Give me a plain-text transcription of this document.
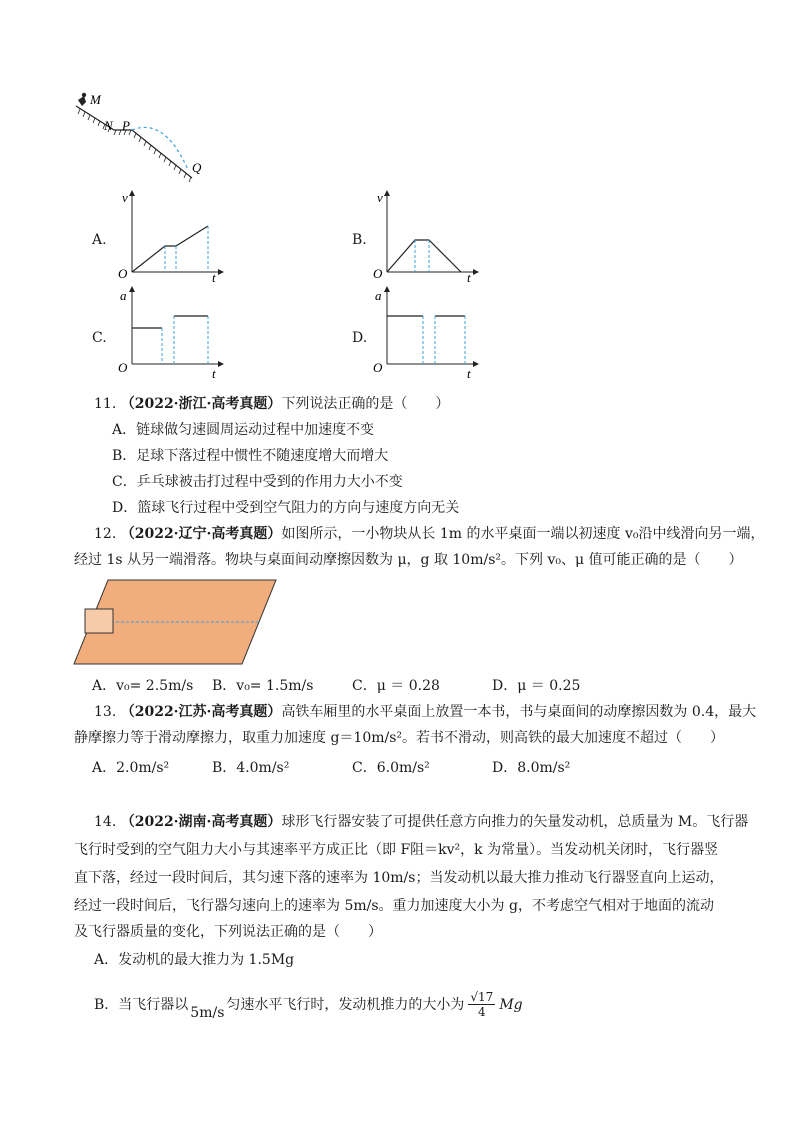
M
N P
Q
A.
v
t
O
B.
v
t
O
C.
a
t
O
D.
a
t
O
11. （2022·浙江·高考真题）下列说法正确的是（　　）
A．链球做匀速圆周运动过程中加速度不变
B．足球下落过程中惯性不随速度增大而增大
C．乒乓球被击打过程中受到的作用力大小不变
D．篮球飞行过程中受到空气阻力的方向与速度方向无关
12. （2022·辽宁·高考真题）如图所示，一小物块从长 1m 的水平桌面一端以初速度 v₀沿中线滑向另一端，
经过 1s 从另一端滑落。物块与桌面间动摩擦因数为 μ，g 取 10m/s²。下列 v₀、μ 值可能正确的是（　　）
A．v₀= 2.5m/s B．v₀= 1.5m/s	C．μ ＝ 0.28	D．μ ＝ 0.25
13. （2022·江苏·高考真题）高铁车厢里的水平桌面上放置一本书，书与桌面间的动摩擦因数为 0.4，最大
静摩擦力等于滑动摩擦力，取重力加速度 g＝10m/s²。若书不滑动，则高铁的最大加速度不超过（　　）
A．2.0m/s²	B．4.0m/s²	C．6.0m/s²	D．8.0m/s²
14. （2022·湖南·高考真题）球形飞行器安装了可提供任意方向推力的矢量发动机，总质量为 M。飞行器
飞行时受到的空气阻力大小与其速率平方成正比（即 F阻＝kv²，k 为常量）。当发动机关闭时，飞行器竖
直下落，经过一段时间后，其匀速下落的速率为 10m/s；当发动机以最大推力推动飞行器竖直向上运动，
经过一段时间后，飞行器匀速向上的速率为 5m/s。重力加速度大小为 g，不考虑空气相对于地面的流动
及飞行器质量的变化，下列说法正确的是（　　）
A．发动机的最大推力为 1.5Mg
B．当飞行器以 5m/s 匀速水平飞行时，发动机推力的大小为 $\frac{√17}{4}$ Mg
